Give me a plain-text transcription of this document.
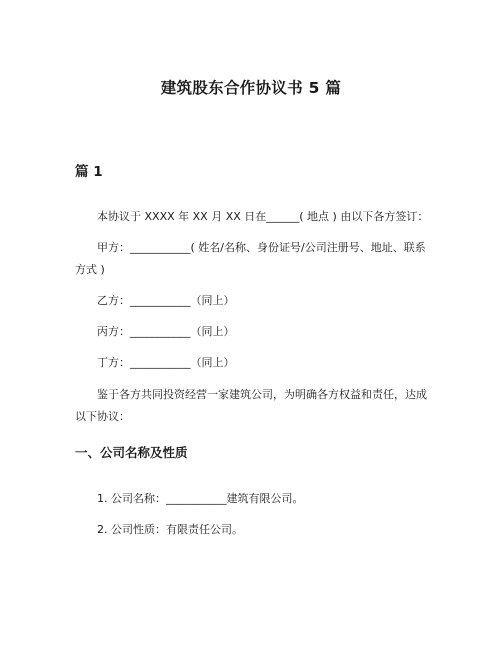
建筑股东合作协议书 5 篇
篇 1

本协议于 XXXX 年 XX 月 XX 日在______( 地点 ) 由以下各方签订：

甲方：___________( 姓名/名称、身份证号/公司注册号、地址、联系方式 )

乙方：___________（同上）

丙方：___________（同上）

丁方：___________（同上）

鉴于各方共同投资经营一家建筑公司，为明确各方权益和责任，达成以下协议：

一、公司名称及性质
1. 公司名称：___________建筑有限公司。
2. 公司性质：有限责任公司。
